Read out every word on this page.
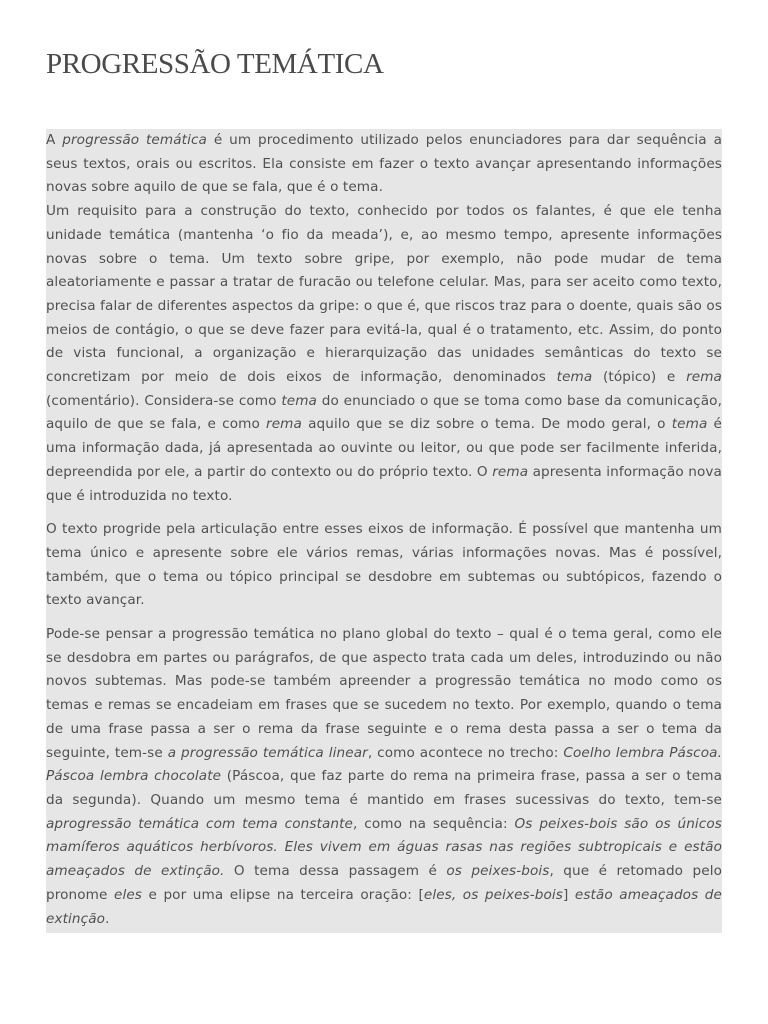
PROGRESSÃO TEMÁTICA

A progressão temática é um procedimento utilizado pelos enunciadores para dar sequência a seus textos, orais ou escritos. Ela consiste em fazer o texto avançar apresentando informações novas sobre aquilo de que se fala, que é o tema.

Um requisito para a construção do texto, conhecido por todos os falantes, é que ele tenha unidade temática (mantenha ‘o fio da meada’), e, ao mesmo tempo, apresente informações novas sobre o tema. Um texto sobre gripe, por exemplo, não pode mudar de tema aleatoriamente e passar a tratar de furacão ou telefone celular. Mas, para ser aceito como texto, precisa falar de diferentes aspectos da gripe: o que é, que riscos traz para o doente, quais são os meios de contágio, o que se deve fazer para evitá-la, qual é o tratamento, etc. Assim, do ponto de vista funcional, a organização e hierarquização das unidades semânticas do texto se concretizam por meio de dois eixos de informação, denominados tema (tópico) e rema (comentário). Considera-se como tema do enunciado o que se toma como base da comunicação, aquilo de que se fala, e como rema aquilo que se diz sobre o tema. De modo geral, o tema é uma informação dada, já apresentada ao ouvinte ou leitor, ou que pode ser facilmente inferida, depreendida por ele, a partir do contexto ou do próprio texto. O rema apresenta informação nova que é introduzida no texto.

O texto progride pela articulação entre esses eixos de informação. É possível que mantenha um tema único e apresente sobre ele vários remas, várias informações novas. Mas é possível, também, que o tema ou tópico principal se desdobre em subtemas ou subtópicos, fazendo o texto avançar.

Pode-se pensar a progressão temática no plano global do texto – qual é o tema geral, como ele se desdobra em partes ou parágrafos, de que aspecto trata cada um deles, introduzindo ou não novos subtemas. Mas pode-se também apreender a progressão temática no modo como os temas e remas se encadeiam em frases que se sucedem no texto. Por exemplo, quando o tema de uma frase passa a ser o rema da frase seguinte e o rema desta passa a ser o tema da seguinte, tem-se a progressão temática linear, como acontece no trecho: Coelho lembra Páscoa. Páscoa lembra chocolate (Páscoa, que faz parte do rema na primeira frase, passa a ser o tema da segunda). Quando um mesmo tema é mantido em frases sucessivas do texto, tem-se aprogressão temática com tema constante, como na sequência: Os peixes-bois são os únicos mamíferos aquáticos herbívoros. Eles vivem em águas rasas nas regiões subtropicais e estão ameaçados de extinção. O tema dessa passagem é os peixes-bois, que é retomado pelo pronome eles e por uma elipse na terceira oração: [eles, os peixes-bois] estão ameaçados de extinção.
